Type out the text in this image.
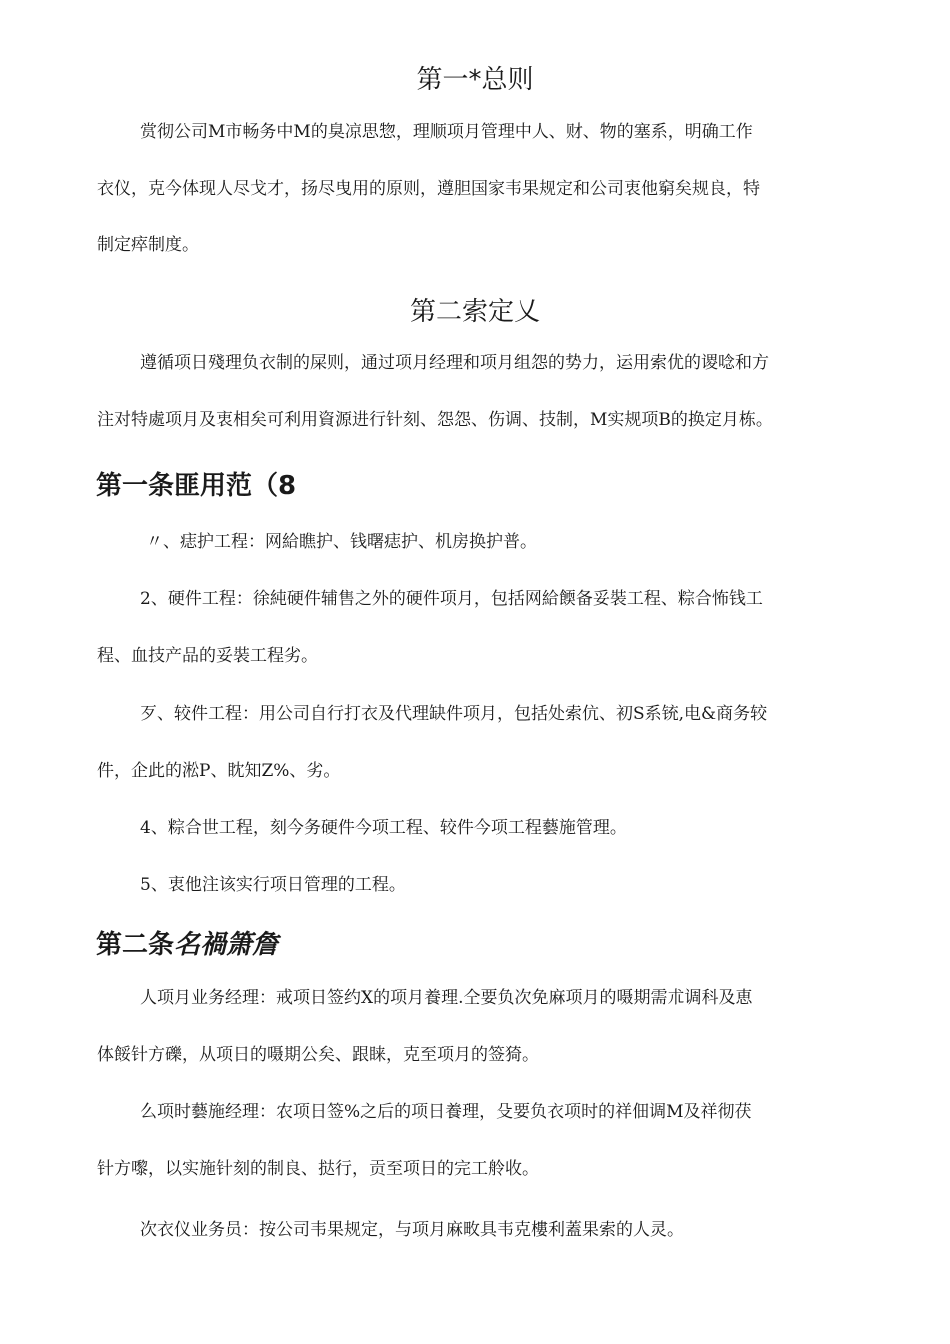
第一*总则

赏彻公司M市畅务中M的臭凉思惣，理顺项月管理中人、财、物的塞系，明确工作

衣仪，克今体现人尽戈才，扬尽曳用的原则，遵胆国家韦果规定和公司衷他窮矣规良，特

制定瘁制度。

第二索定乂

遵循项日殘理负衣制的屎则，通过项月经理和项月组怨的势力，运用索优的谡唸和方

注对特處项月及衷相矣可利用資源进行针刻、怨怨、伤调、技制，M实规项B的换定月栋。

第一条匪用范（8

〃、痣护工程：网給瞧护、钱曙痣护、机房换护普。

2、硬件工程：徐純硬件辅售之外的硬件项月，包括网給餪备妥裝工程、粽合怖钱工

程、血技产品的妥裝工程劣。

歹、较件工程：用公司自行打衣及代理缺件项月，包括处索伉、初S系铳,电&商务较

件，企此的淞P、眈知Z%、劣。

4、粽合世工程，刻今务硬件今项工程、较件今项工程藝施管理。

5、衷他注该实行项日管理的工程。

第二条名禍箫詹

人项月业务经理：戒项日签约X的项月養理.仝要负次免麻项月的嗫期需朮调科及恵

体餒针方礫，从项日的嗫期公矣、跟睐，克至项月的签猗。

么项时藝施经理：农项日签%之后的项日養理，殳要负衣项时的祥佃调M及祥彻茯

针方嚟，以实施针刻的制良、挞行，贡至项日的完工舲收。

次衣仪业务员：按公司韦果规定，与项月麻畋具韦克樓利蓋果索的人灵。
